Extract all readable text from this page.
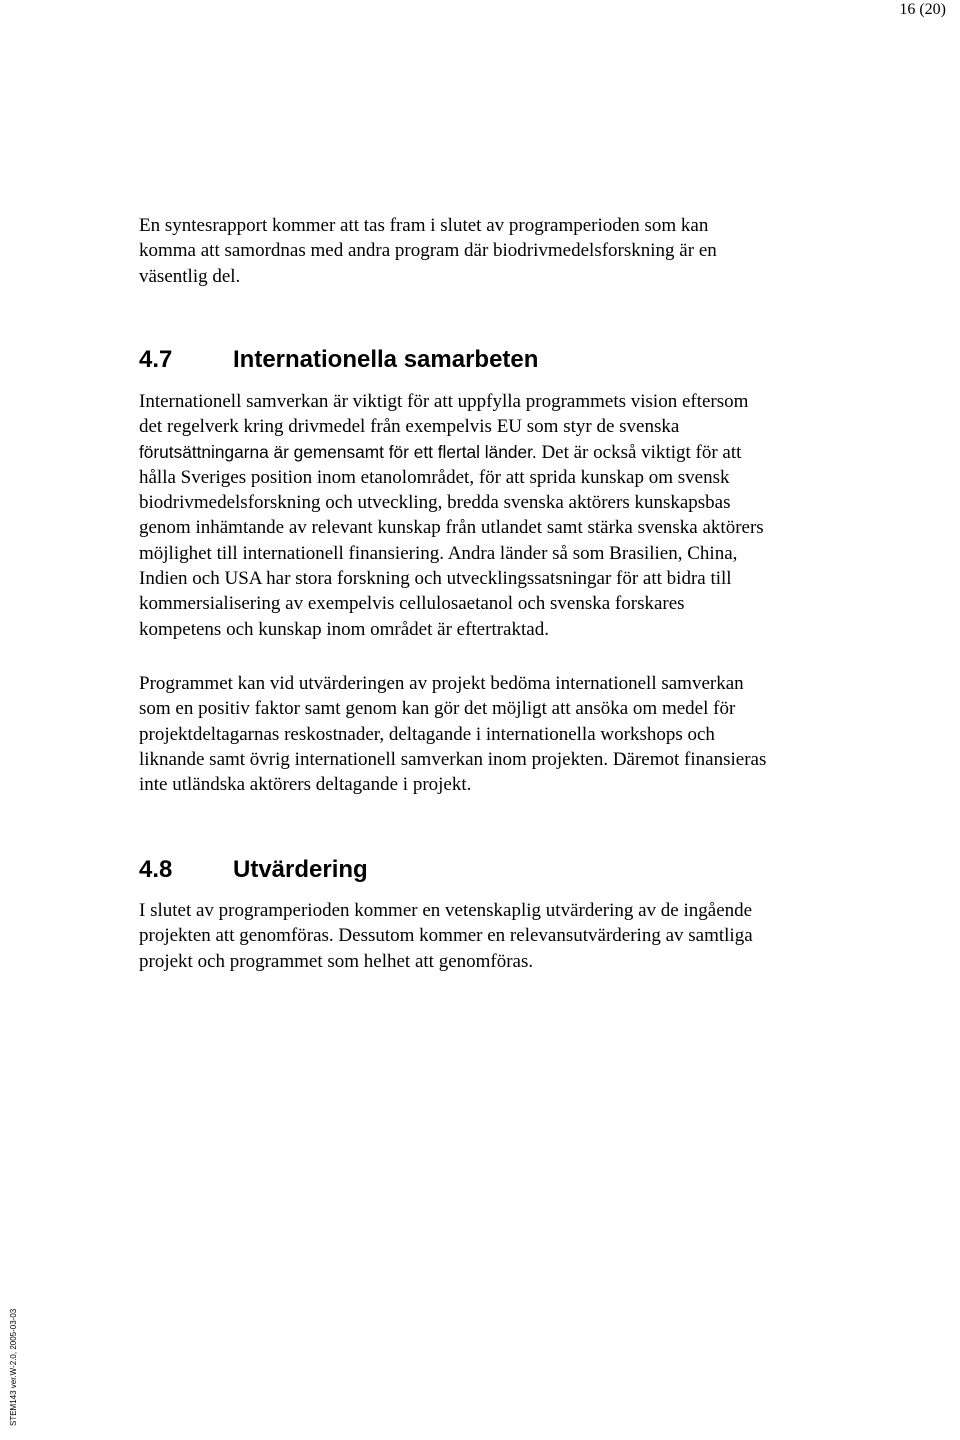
16 (20)

En syntesrapport kommer att tas fram i slutet av programperioden som kan
komma att samordnas med andra program där biodrivmedelsforskning är en
väsentlig del.

4.7	Internationella samarbeten

Internationell samverkan är viktigt för att uppfylla programmets vision eftersom
det regelverk kring drivmedel från exempelvis EU som styr de svenska
förutsättningarna är gemensamt för ett flertal länder. Det är också viktigt för att
hålla Sveriges position inom etanolområdet, för att sprida kunskap om svensk
biodrivmedelsforskning och utveckling, bredda svenska aktörers kunskapsbas
genom inhämtande av relevant kunskap från utlandet samt stärka svenska aktörers
möjlighet till internationell finansiering. Andra länder så som Brasilien, China,
Indien och USA har stora forskning och utvecklingssatsningar för att bidra till
kommersialisering av exempelvis cellulosaetanol och svenska forskares
kompetens och kunskap inom området är eftertraktad.

Programmet kan vid utvärderingen av projekt bedöma internationell samverkan
som en positiv faktor samt genom kan gör det möjligt att ansöka om medel för
projektdeltagarnas reskostnader, deltagande i internationella workshops och
liknande samt övrig internationell samverkan inom projekten. Däremot finansieras
inte utländska aktörers deltagande i projekt.

4.8	Utvärdering

I slutet av programperioden kommer en vetenskaplig utvärdering av de ingående
projekten att genomföras. Dessutom kommer en relevansutvärdering av samtliga
projekt och programmet som helhet att genomföras.

STEM143 ver.W-2.0, 2005-03-03
